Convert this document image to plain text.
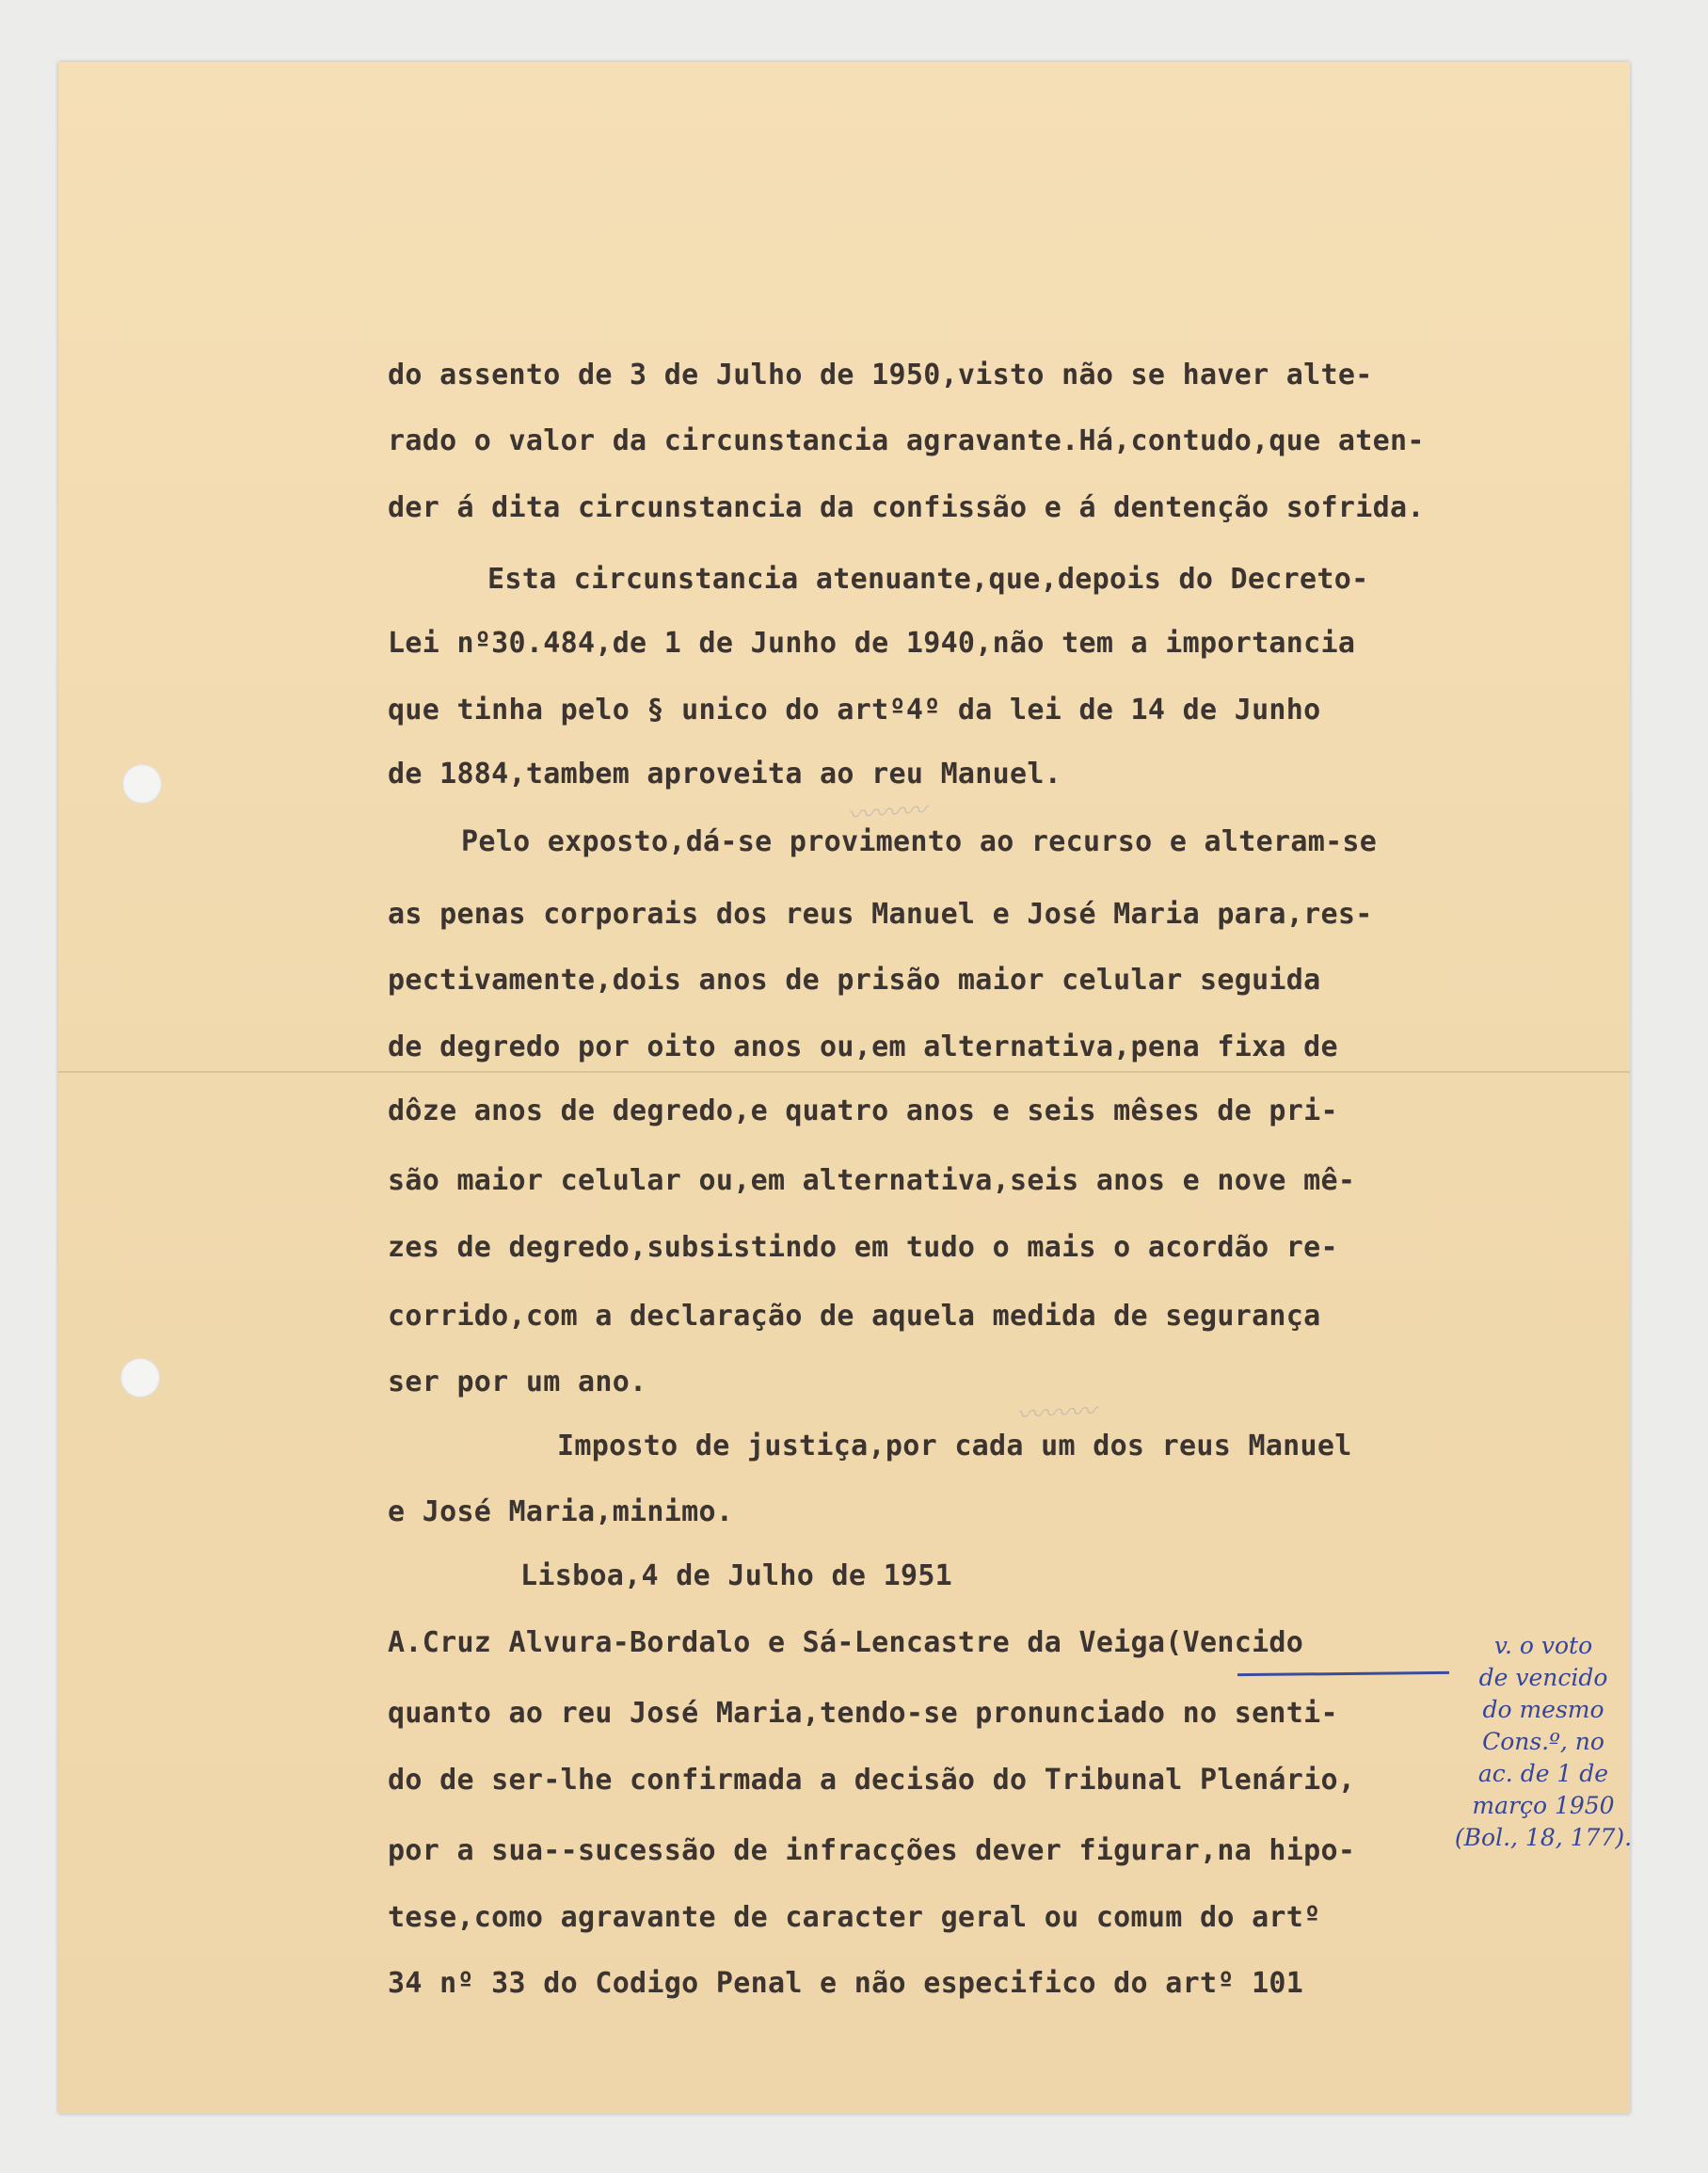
〰〰〰
〰〰〰
do assento de 3 de Julho de 1950,visto não se haver alte-
rado o valor da circunstancia agravante.Há,contudo,que aten-
der á dita circunstancia da confissão e á dentenção sofrida.
Esta circunstancia atenuante,que,depois do Decreto-
Lei nº30.484,de 1 de Junho de 1940,não tem a importancia
que tinha pelo § unico do artº4º da lei de 14 de Junho
de 1884,tambem aproveita ao reu Manuel.
Pelo exposto,dá-se provimento ao recurso e alteram-se
as penas corporais dos reus Manuel e José Maria para,res-
pectivamente,dois anos de prisão maior celular seguida
de degredo por oito anos ou,em alternativa,pena fixa de
dôze anos de degredo,e quatro anos e seis mêses de pri-
são maior celular ou,em alternativa,seis anos e nove mê-
zes de degredo,subsistindo em tudo o mais o acordão re-
corrido,com a declaração de aquela medida de segurança
ser por um ano.
Imposto de justiça,por cada um dos reus Manuel
e José Maria,minimo.
Lisboa,4 de Julho de 1951
A.Cruz Alvura-Bordalo e Sá-Lencastre da Veiga(Vencido
quanto ao reu José Maria,tendo-se pronunciado no senti-
do de ser-lhe confirmada a decisão do Tribunal Plenário,
por a sua--sucessão de infracções dever figurar,na hipo-
tese,como agravante de caracter geral ou comum do artº
34 nº 33 do Codigo Penal e não especifico do artº 101
v. o voto
de vencido
do mesmo
Cons.º, no
ac. de 1 de
março 1950
(Bol., 18, 177).
